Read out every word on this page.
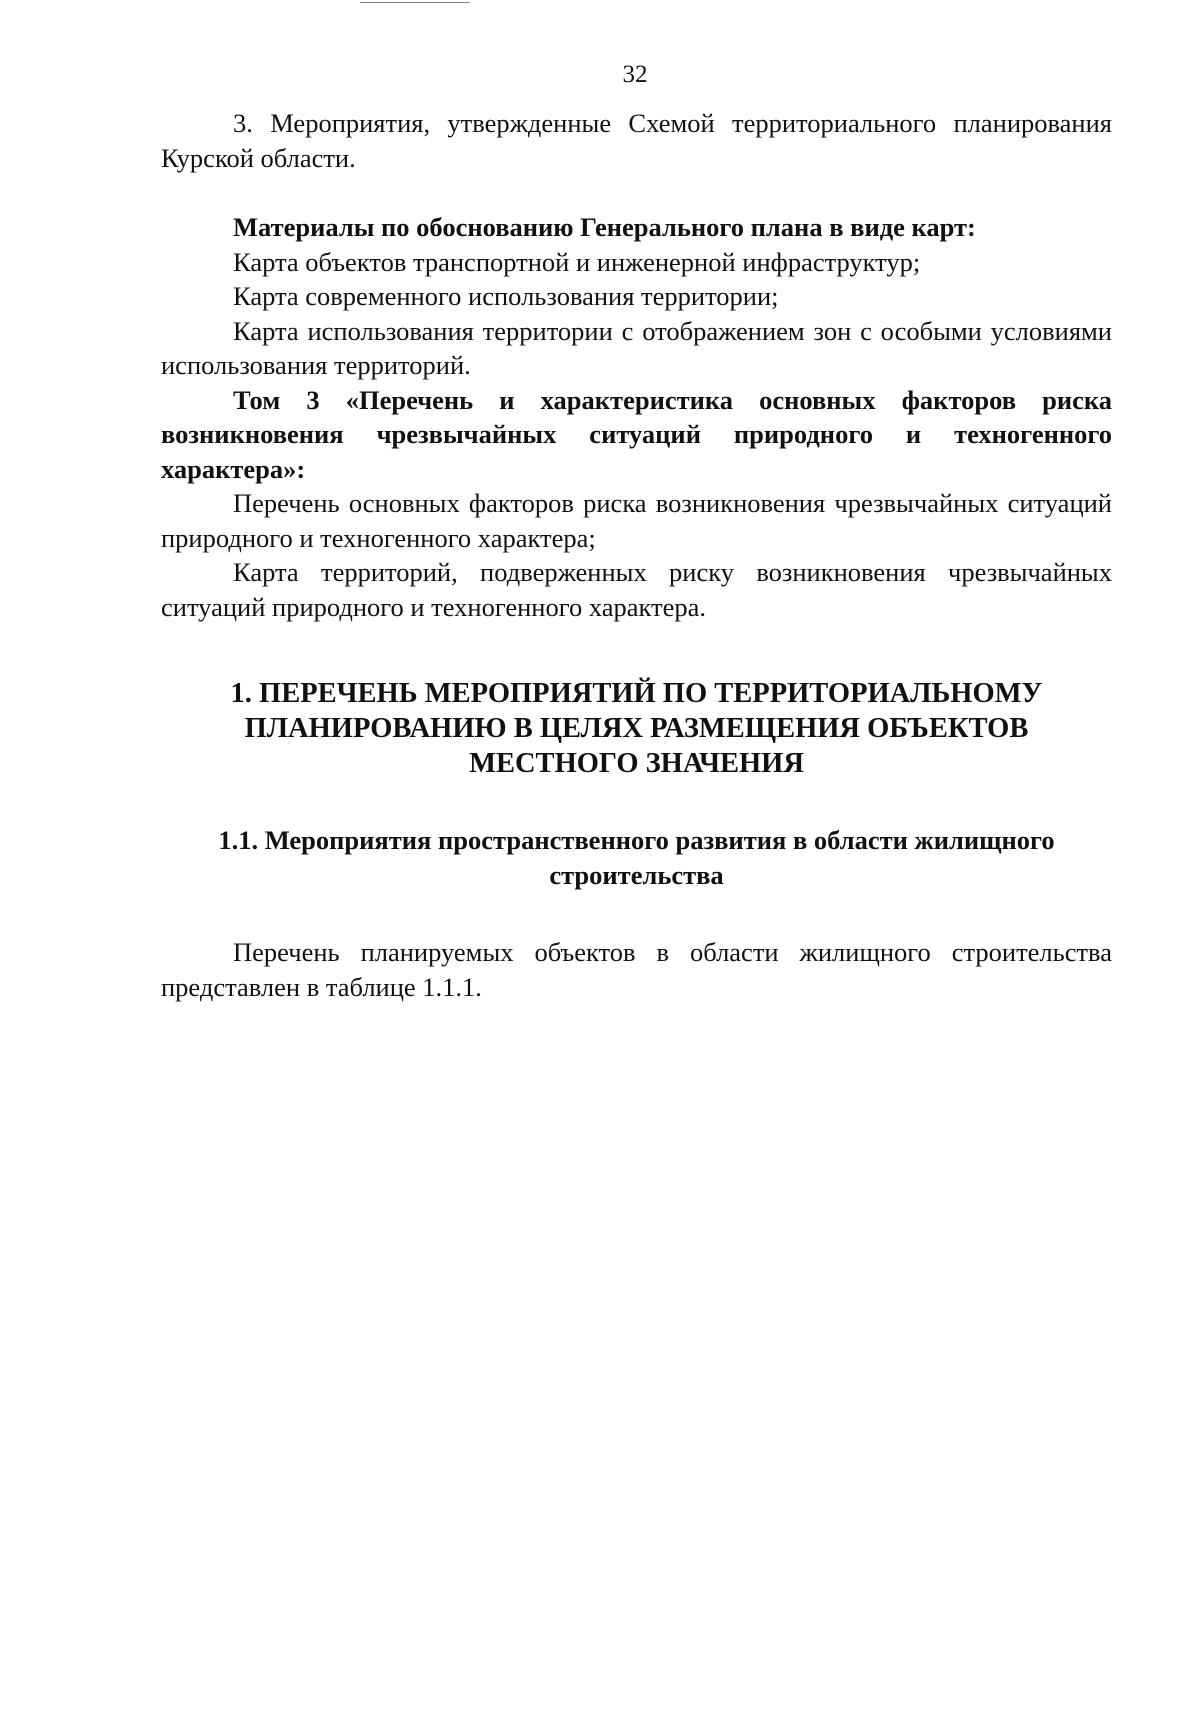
32

3. Мероприятия, утвержденные Схемой территориального планирования Курской области.

Материалы по обоснованию Генерального плана в виде карт:

Карта объектов транспортной и инженерной инфраструктур;

Карта современного использования территории;

Карта использования территории с отображением зон с особыми условиями использования территорий.

Том 3 «Перечень и характеристика основных факторов риска возникновения чрезвычайных ситуаций природного и техногенного характера»:

Перечень основных факторов риска возникновения чрезвычайных ситуаций природного и техногенного характера;

Карта территорий, подверженных риску возникновения чрезвычайных ситуаций природного и техногенного характера.

1. ПЕРЕЧЕНЬ МЕРОПРИЯТИЙ ПО ТЕРРИТОРИАЛЬНОМУ ПЛАНИРОВАНИЮ В ЦЕЛЯХ РАЗМЕЩЕНИЯ ОБЪЕКТОВ МЕСТНОГО ЗНАЧЕНИЯ
1.1. Мероприятия пространственного развития в области жилищного строительства

Перечень планируемых объектов в области жилищного строительства представлен в таблице 1.1.1.
